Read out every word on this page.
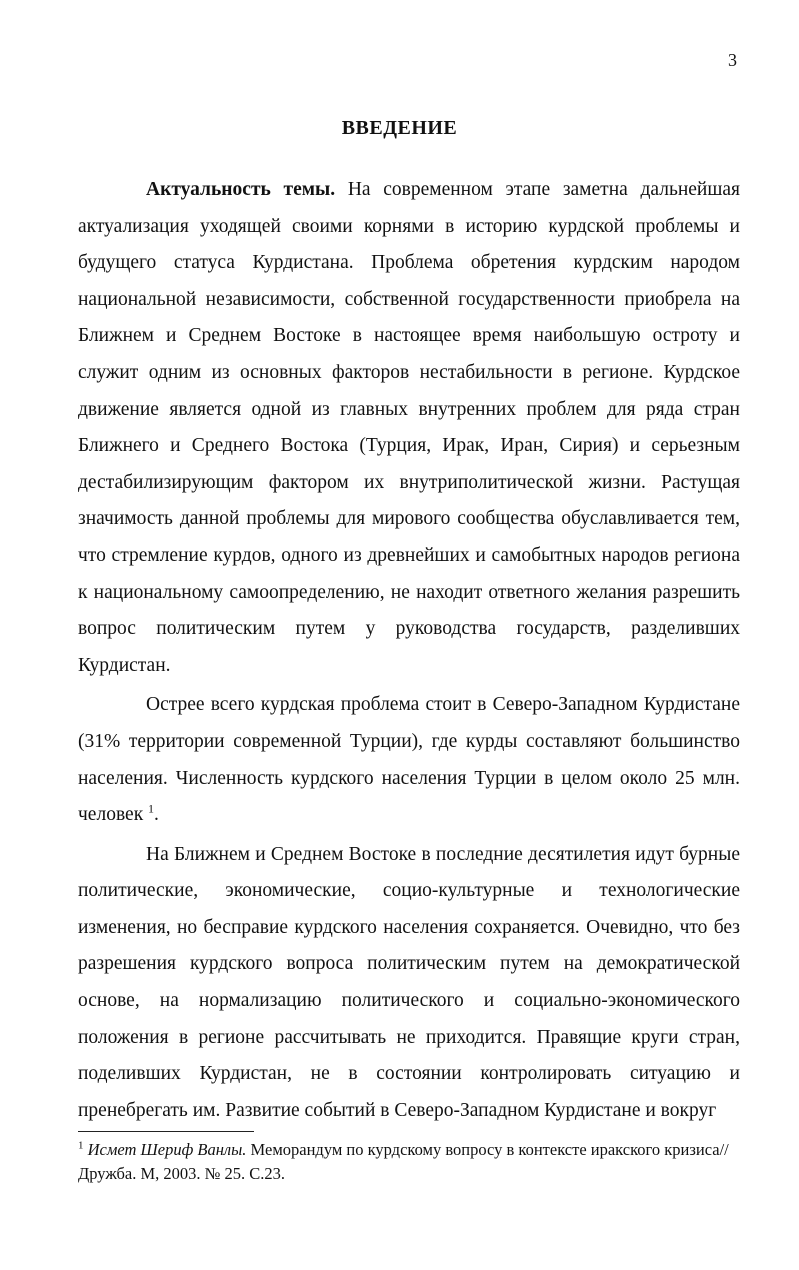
3
ВВЕДЕНИЕ

Актуальность темы. На современном этапе заметна дальнейшая актуализация уходящей своими корнями в историю курдской проблемы и будущего статуса Курдистана. Проблема обретения курдским народом национальной независимости, собственной государственности приобрела на Ближнем и Среднем Востоке в настоящее время наибольшую остроту и служит одним из основных факторов нестабильности в регионе. Курдское движение является одной из главных внутренних проблем для ряда стран Ближнего и Среднего Востока (Турция, Ирак, Иран, Сирия) и серьезным дестабилизирующим фактором их внутриполитической жизни. Растущая значимость данной проблемы для мирового сообщества обуславливается тем, что стремление курдов, одного из древнейших и самобытных народов региона к национальному самоопределению, не находит ответного желания разрешить вопрос политическим путем у руководства государств, разделивших Курдистан.

Острее всего курдская проблема стоит в Северо-Западном Курдистане (31% территории современной Турции), где курды составляют большинство населения. Численность курдского населения Турции в целом около 25 млн. человек $^1$.

На Ближнем и Среднем Востоке в последние десятилетия идут бурные политические, экономические, социо-культурные и технологические изменения, но бесправие курдского населения сохраняется. Очевидно, что без разрешения курдского вопроса политическим путем на демократической основе, на нормализацию политического и социально-экономического положения в регионе рассчитывать не приходится. Правящие круги стран, поделивших Курдистан, не в состоянии контролировать ситуацию и пренебрегать им. Развитие событий в Северо-Западном Курдистане и вокруг

$^1$ Исмет Шериф Ванлы. Меморандум по курдскому вопросу в контексте иракского кризиса// Дружба. М, 2003. № 25. С.23.
